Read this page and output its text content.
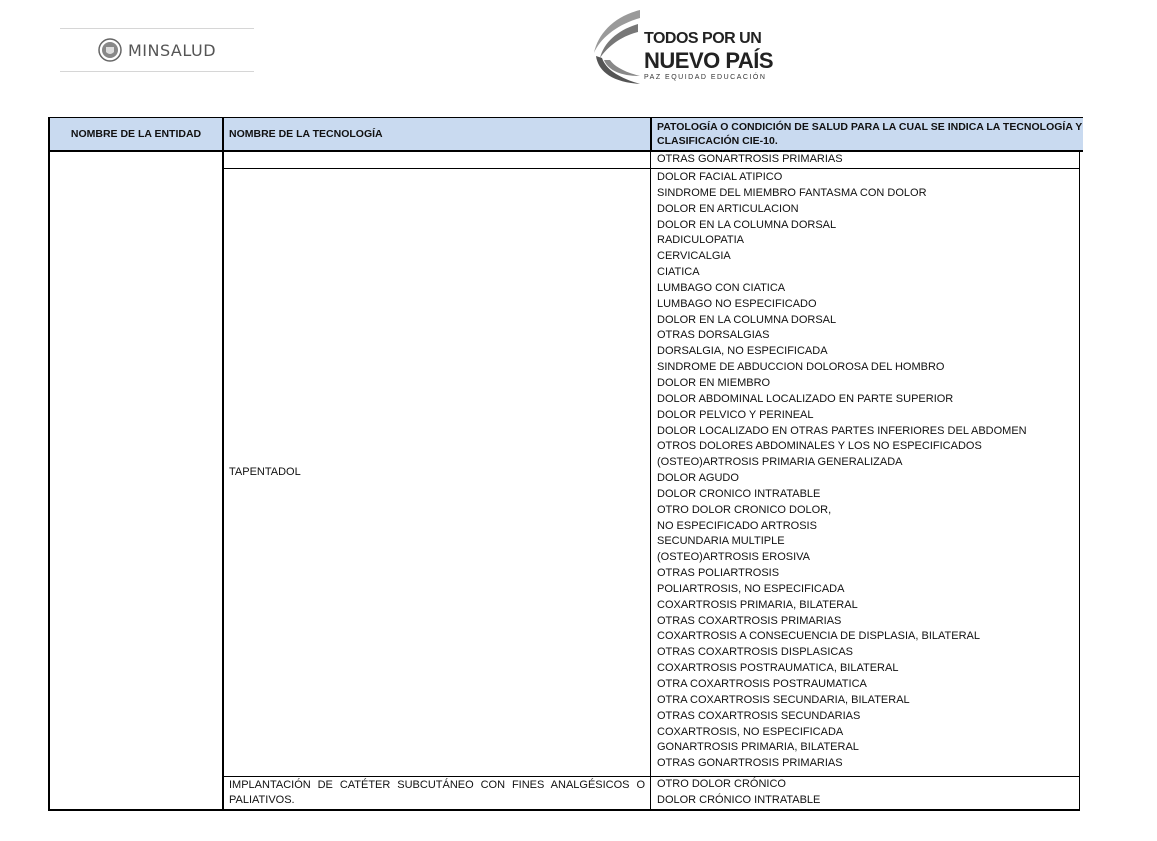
MINSALUD
TODOS POR UN
NUEVO PAÍS
PAZ EQUIDAD EDUCACIÓN
NOMBRE DE LA ENTIDAD	NOMBRE DE LA TECNOLOGÍA
PATOLOGÍA O CONDICIÓN DE SALUD PARA LA CUAL SE INDICA LA TECNOLOGÍA Y CLASIFICACIÓN CIE-10.
OTRAS GONARTROSIS PRIMARIAS
TAPENTADOL
DOLOR FACIAL ATIPICO
SINDROME DEL MIEMBRO FANTASMA CON DOLOR
DOLOR EN ARTICULACION
DOLOR EN LA COLUMNA DORSAL
RADICULOPATIA
CERVICALGIA
CIATICA
LUMBAGO CON CIATICA
LUMBAGO NO ESPECIFICADO
DOLOR EN LA COLUMNA DORSAL
OTRAS DORSALGIAS
DORSALGIA, NO ESPECIFICADA
SINDROME DE ABDUCCION DOLOROSA DEL HOMBRO
DOLOR EN MIEMBRO
DOLOR ABDOMINAL LOCALIZADO EN PARTE SUPERIOR
DOLOR PELVICO Y PERINEAL
DOLOR LOCALIZADO EN OTRAS PARTES INFERIORES DEL ABDOMEN
OTROS DOLORES ABDOMINALES Y LOS NO ESPECIFICADOS
(OSTEO)ARTROSIS PRIMARIA GENERALIZADA
DOLOR AGUDO
DOLOR CRONICO INTRATABLE
OTRO DOLOR CRONICO DOLOR,
NO ESPECIFICADO ARTROSIS
SECUNDARIA MULTIPLE
(OSTEO)ARTROSIS EROSIVA
OTRAS POLIARTROSIS
POLIARTROSIS, NO ESPECIFICADA
COXARTROSIS PRIMARIA, BILATERAL
OTRAS COXARTROSIS PRIMARIAS
COXARTROSIS A CONSECUENCIA DE DISPLASIA, BILATERAL
OTRAS COXARTROSIS DISPLASICAS
COXARTROSIS POSTRAUMATICA, BILATERAL
OTRA COXARTROSIS POSTRAUMATICA
OTRA COXARTROSIS SECUNDARIA, BILATERAL
OTRAS COXARTROSIS SECUNDARIAS
COXARTROSIS, NO ESPECIFICADA
GONARTROSIS PRIMARIA, BILATERAL
OTRAS GONARTROSIS PRIMARIAS
IMPLANTACIÓN DE CATÉTER SUBCUTÁNEO CON FINES ANALGÉSICOS O PALIATIVOS.
OTRO DOLOR CRÓNICO
DOLOR CRÓNICO INTRATABLE
